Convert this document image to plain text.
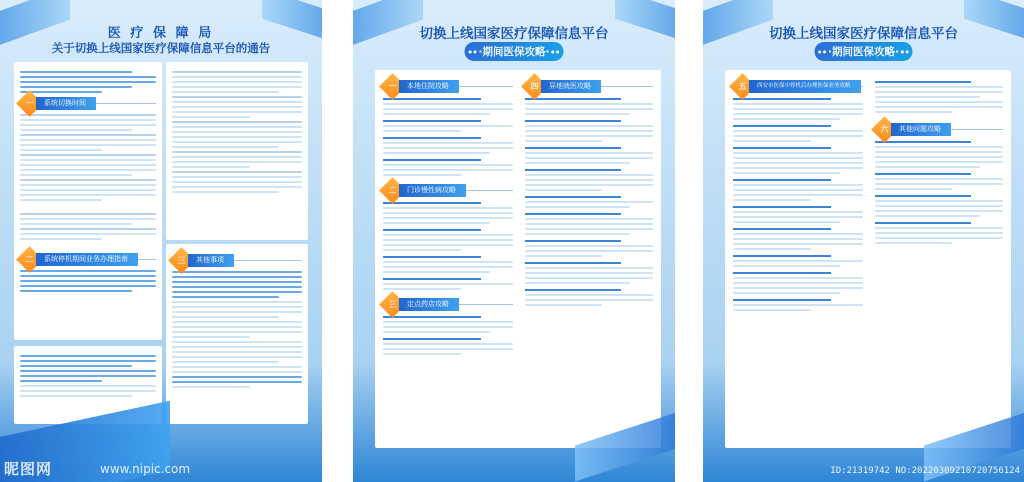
医 疗 保 障 局
关于切换上线国家医疗保障信息平台的通告
一	系统切换时间
二	系统停机期间业务办理指南	三	其他事项
昵图网	www.nipic.com
切换上线国家医疗保障信息平台
● ● ·期间医保攻略· ● ●
一	本地住院攻略
二	门诊慢性病攻略
三	定点药店攻略
四	异地就医攻略
切换上线国家医疗保障信息平台
● ● ·期间医保攻略· ● ●
五	西安市医保中停机后办理医保业务攻略
六	其他问题攻略
ID:21319742 NO:20220309210720756124
